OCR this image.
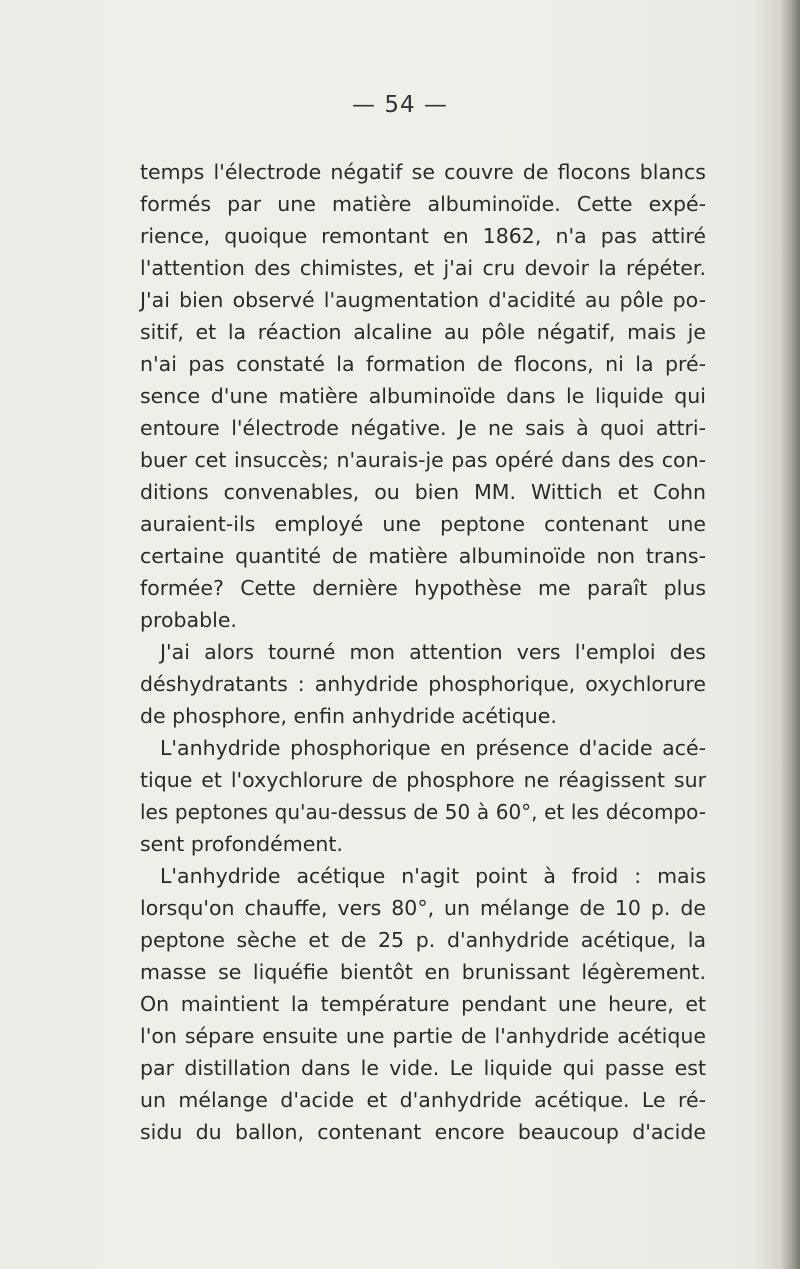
— 54 —
temps l'électrode négatif se couvre de flocons blancs
formés par une matière albuminoïde. Cette expé-
rience, quoique remontant en 1862, n'a pas attiré
l'attention des chimistes, et j'ai cru devoir la répéter.
J'ai bien observé l'augmentation d'acidité au pôle po-
sitif, et la réaction alcaline au pôle négatif, mais je
n'ai pas constaté la formation de flocons, ni la pré-
sence d'une matière albuminoïde dans le liquide qui
entoure l'électrode négative. Je ne sais à quoi attri-
buer cet insuccès; n'aurais-je pas opéré dans des con-
ditions convenables, ou bien MM. Wittich et Cohn
auraient-ils employé une peptone contenant une
certaine quantité de matière albuminoïde non trans-
formée? Cette dernière hypothèse me paraît plus
probable.
J'ai alors tourné mon attention vers l'emploi des
déshydratants : anhydride phosphorique, oxychlorure
de phosphore, enfin anhydride acétique.
L'anhydride phosphorique en présence d'acide acé-
tique et l'oxychlorure de phosphore ne réagissent sur
les peptones qu'au-dessus de 50 à 60°, et les décompo-
sent profondément.
L'anhydride acétique n'agit point à froid : mais
lorsqu'on chauffe, vers 80°, un mélange de 10 p. de
peptone sèche et de 25 p. d'anhydride acétique, la
masse se liquéfie bientôt en brunissant légèrement.
On maintient la température pendant une heure, et
l'on sépare ensuite une partie de l'anhydride acétique
par distillation dans le vide. Le liquide qui passe est
un mélange d'acide et d'anhydride acétique. Le ré-
sidu du ballon, contenant encore beaucoup d'acide
